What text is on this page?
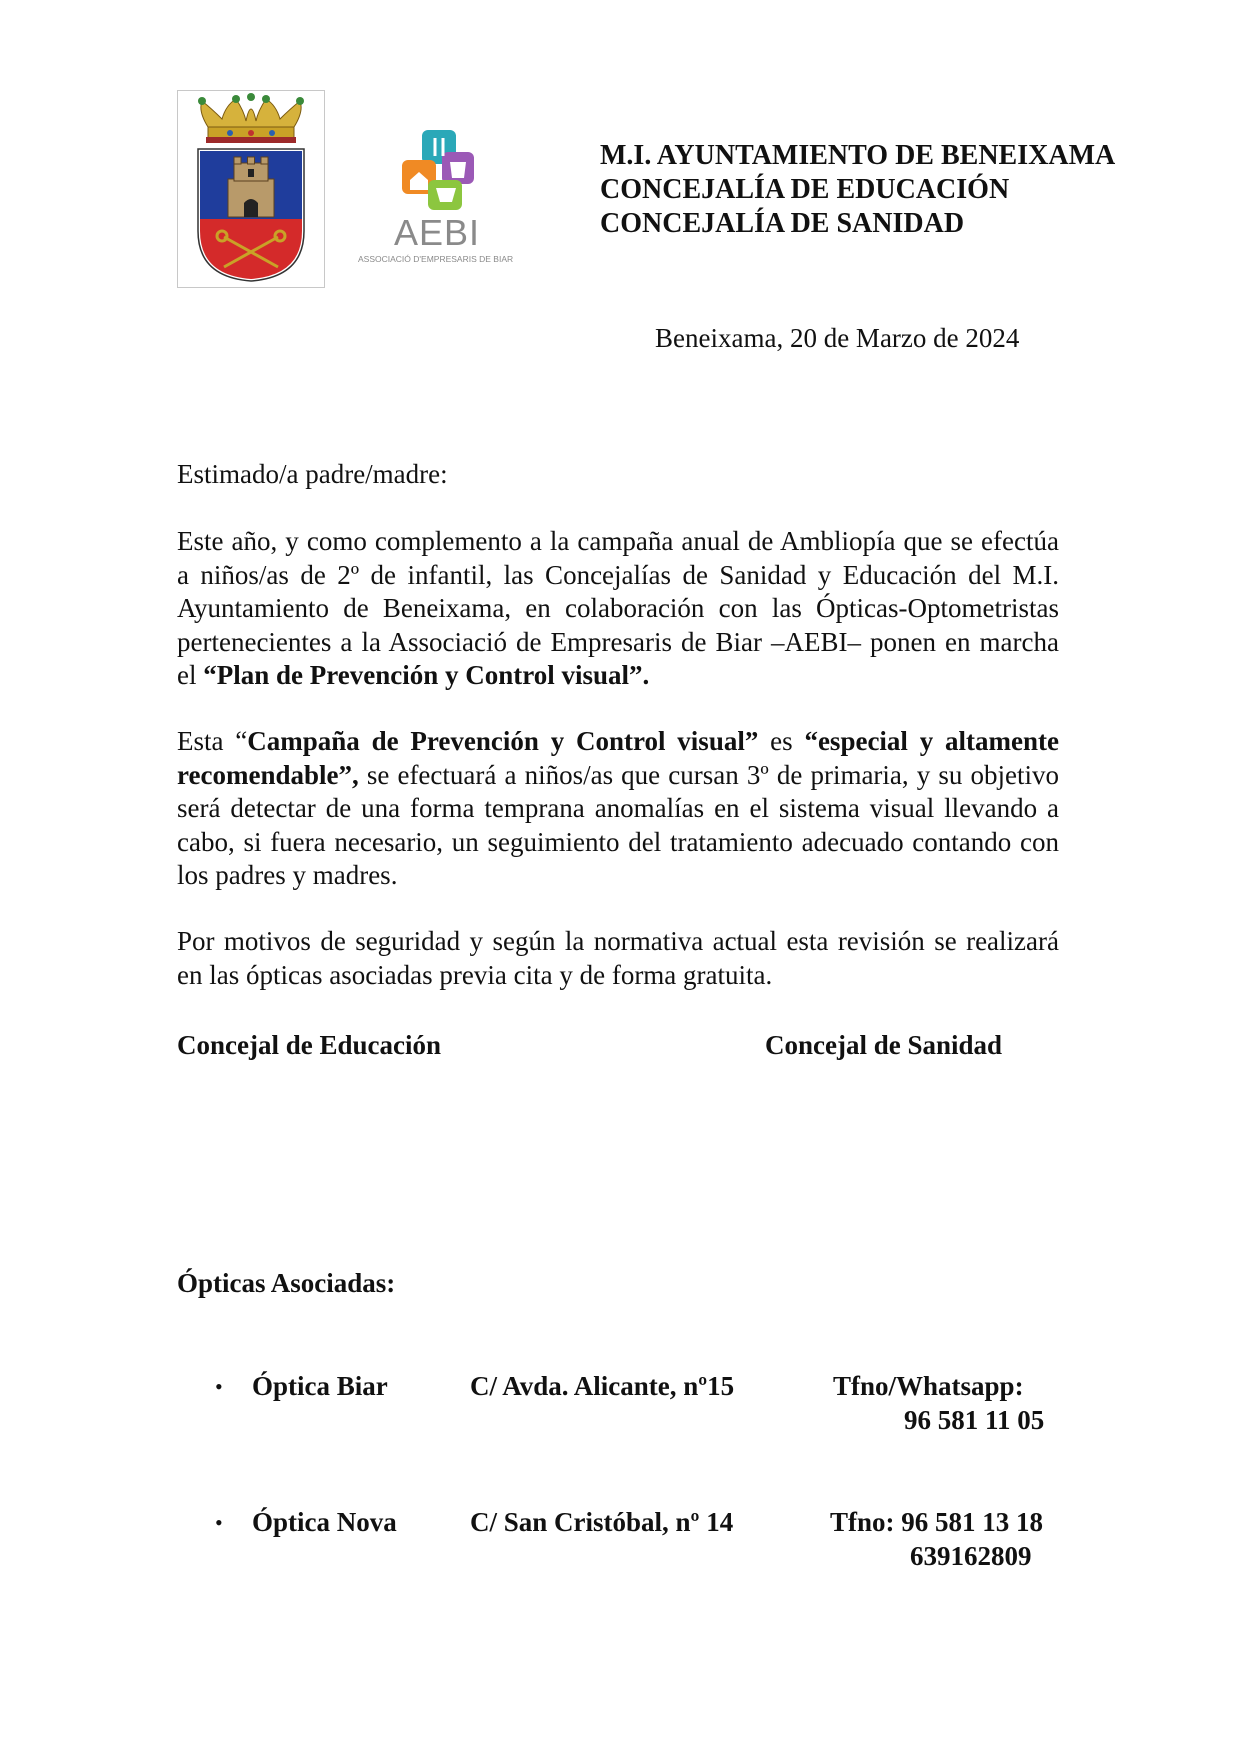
AEBI
ASSOCIACIÓ D'EMPRESARIS DE BIAR
M.I. AYUNTAMIENTO DE BENEIXAMA
CONCEJALÍA DE EDUCACIÓN
CONCEJALÍA DE SANIDAD
Beneixama, 20 de Marzo de 2024
Estimado/a padre/madre:
Este año, y como complemento a la campaña anual de Ambliopía que se efectúa a niños/as de 2º de infantil, las Concejalías de Sanidad y Educación del M.I. Ayuntamiento de Beneixama, en colaboración con las Ópticas-Optometristas pertenecientes a la Associació de Empresaris de Biar –AEBI– ponen en marcha el “Plan de Prevención y Control visual”.
Esta “Campaña de Prevención y Control visual” es “especial y altamente recomendable”, se efectuará a niños/as que cursan 3º de primaria, y su objetivo será detectar de una forma temprana anomalías en el sistema visual llevando a cabo, si fuera necesario, un seguimiento del tratamiento adecuado contando con los padres y madres.
Por motivos de seguridad y según la normativa actual esta revisión se realizará en las ópticas asociadas previa cita y de forma gratuita.
Concejal de Educación	Concejal de Sanidad
Ópticas Asociadas:
• Óptica Biar	C/ Avda. Alicante, nº15	Tfno/Whatsapp:
96 581 11 05
• Óptica Nova	C/ San Cristóbal, nº 14	Tfno: 96 581 13 18
639162809
